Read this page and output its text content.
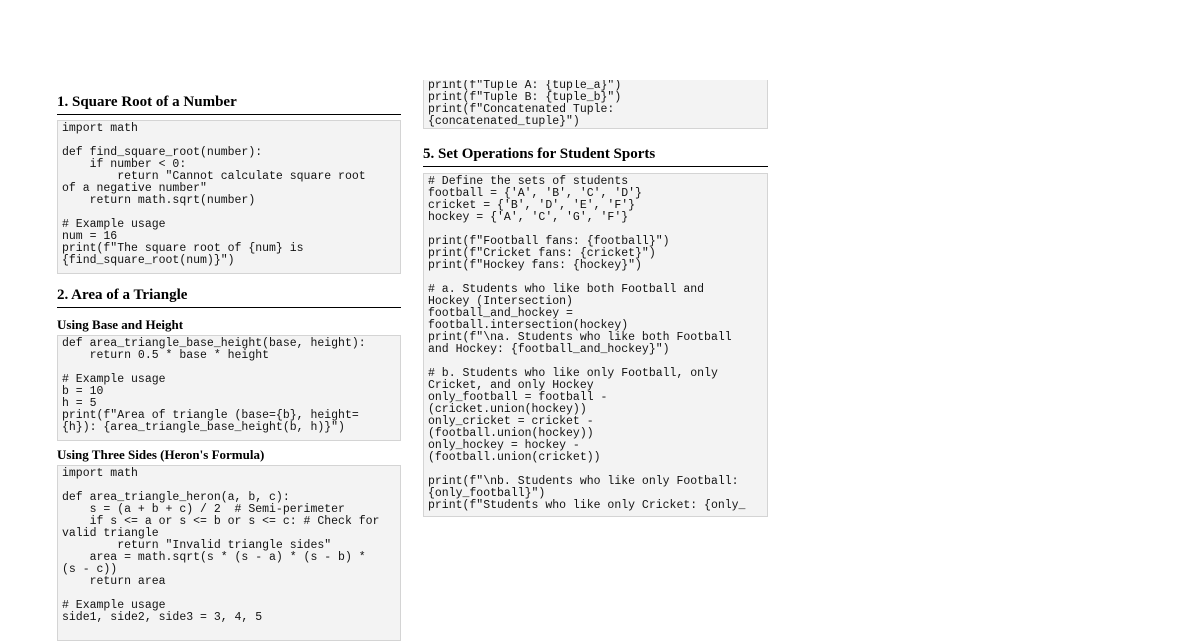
1. Square Root of a Number
import math

def find_square_root(number):
if number < 0:
return "Cannot calculate square root
of a negative number"
return math.sqrt(number)

# Example usage
num = 16
print(f"The square root of {num} is
{find_square_root(num)}")
2. Area of a Triangle
Using Base and Height
def area_triangle_base_height(base, height):
return 0.5 * base * height

# Example usage
b = 10
h = 5
print(f"Area of triangle (base={b}, height=
{h}): {area_triangle_base_height(b, h)}")
Using Three Sides (Heron's Formula)
import math

def area_triangle_heron(a, b, c):
s = (a + b + c) / 2  # Semi-perimeter
if s <= a or s <= b or s <= c: # Check for
valid triangle
return "Invalid triangle sides"
area = math.sqrt(s * (s - a) * (s - b) *
(s - c))
return area

# Example usage
side1, side2, side3 = 3, 4, 5
print(f"Tuple A: {tuple_a}")
print(f"Tuple B: {tuple_b}")
print(f"Concatenated Tuple:
{concatenated_tuple}")
5. Set Operations for Student Sports
# Define the sets of students
football = {'A', 'B', 'C', 'D'}
cricket = {'B', 'D', 'E', 'F'}
hockey = {'A', 'C', 'G', 'F'}

print(f"Football fans: {football}")
print(f"Cricket fans: {cricket}")
print(f"Hockey fans: {hockey}")

# a. Students who like both Football and
Hockey (Intersection)
football_and_hockey =
football.intersection(hockey)
print(f"\na. Students who like both Football
and Hockey: {football_and_hockey}")

# b. Students who like only Football, only
Cricket, and only Hockey
only_football = football -
(cricket.union(hockey))
only_cricket = cricket -
(football.union(hockey))
only_hockey = hockey -
(football.union(cricket))

print(f"\nb. Students who like only Football:
{only_football}")
print(f"Students who like only Cricket: {only_
